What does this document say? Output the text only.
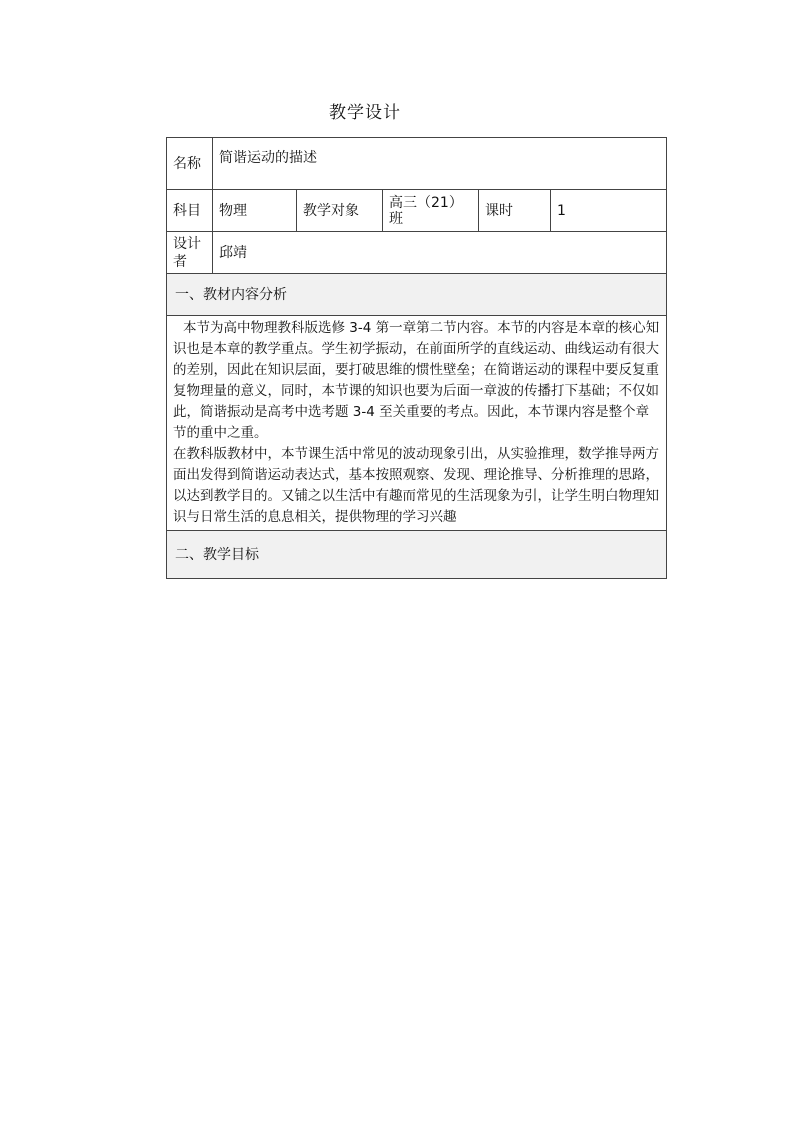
教学设计
名称	简谐运动的描述				
科目	物理	教学对象	高三（21）班	课时	1
设计者	邱靖				
一、教材内容分析					

本节为高中物理教科版选修 3-4 第一章第二节内容。本节的内容是本章的核心知识也是本章的教学重点。学生初学振动，在前面所学的直线运动、曲线运动有很大的差别，因此在知识层面，要打破思维的惯性壁垒；在简谐运动的课程中要反复重复物理量的意义，同时，本节课的知识也要为后面一章波的传播打下基础；不仅如此，简谐振动是高考中选考题 3-4 至关重要的考点。因此，本节课内容是整个章节的重中之重。

在教科版教材中，本节课生活中常见的波动现象引出，从实验推理，数学推导两方面出发得到简谐运动表达式，基本按照观察、发现、理论推导、分析推理的思路，以达到教学目的。又铺之以生活中有趣而常见的生活现象为引，让学生明白物理知识与日常生活的息息相关，提供物理的学习兴趣					

二、教学目标					
